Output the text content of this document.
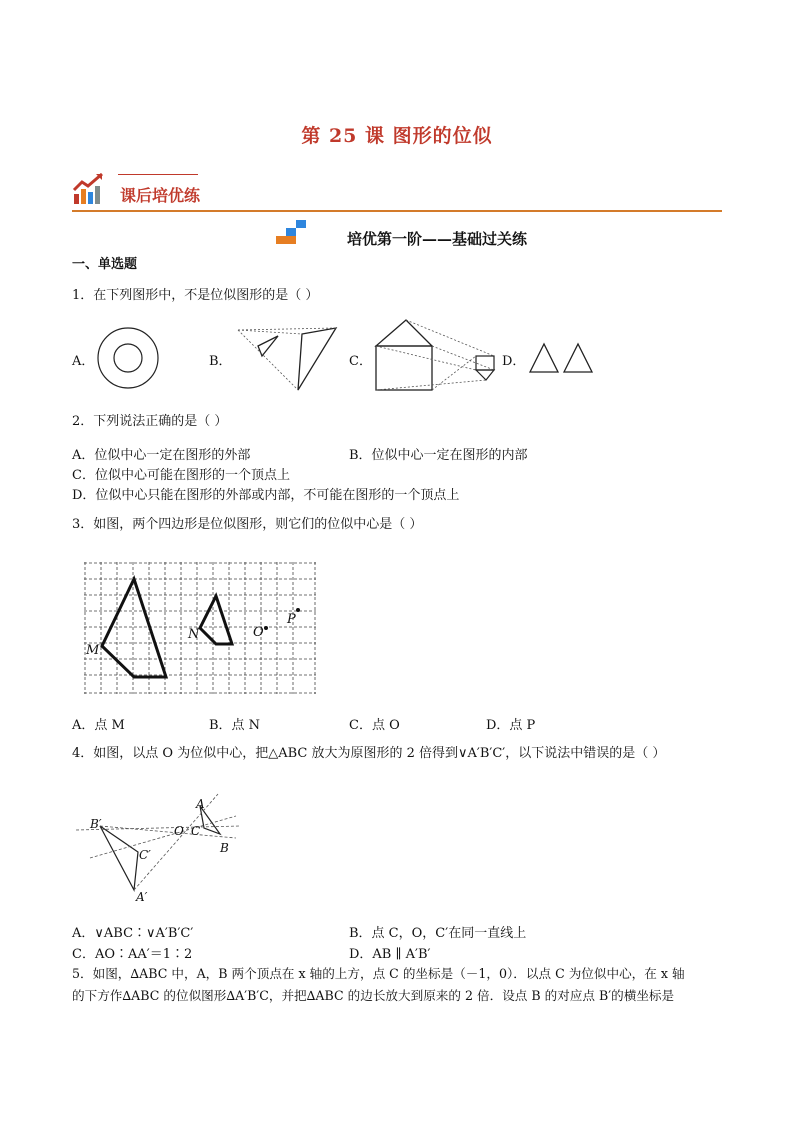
第 25 课 图形的位似
课后培优练
培优第一阶——基础过关练
一、单选题
1．在下列图形中，不是位似图形的是（ ）
A．	B．	C．	D．
2．下列说法正确的是（ ）
A．位似中心一定在图形的外部	B．位似中心一定在图形的内部
C．位似中心可能在图形的一个顶点上
D．位似中心只能在图形的外部或内部，不可能在图形的一个顶点上
3．如图，两个四边形是位似图形，则它们的位似中心是（ ）
M
N	O
P
A．点 M	B．点 N	C．点 O	D．点 P
4．如图，以点 O 为位似中心，把△ABC 放大为原图形的 2 倍得到∨A′B′C′，以下说法中错误的是（ ）
B′
C′
A′
O C
A
B
A．∨ABC∶∨A′B′C′	B．点 C，O，C′在同一直线上
C．AO∶AA′＝1∶2	D．AB ∥ A′B′
5．如图，∆ABC 中，A，B 两个顶点在 x 轴的上方，点 C 的坐标是（－1，0）．以点 C 为位似中心，在 x 轴
的下方作∆ABC 的位似图形∆A′B′C，并把∆ABC 的边长放大到原来的 2 倍．设点 B 的对应点 B′的横坐标是
